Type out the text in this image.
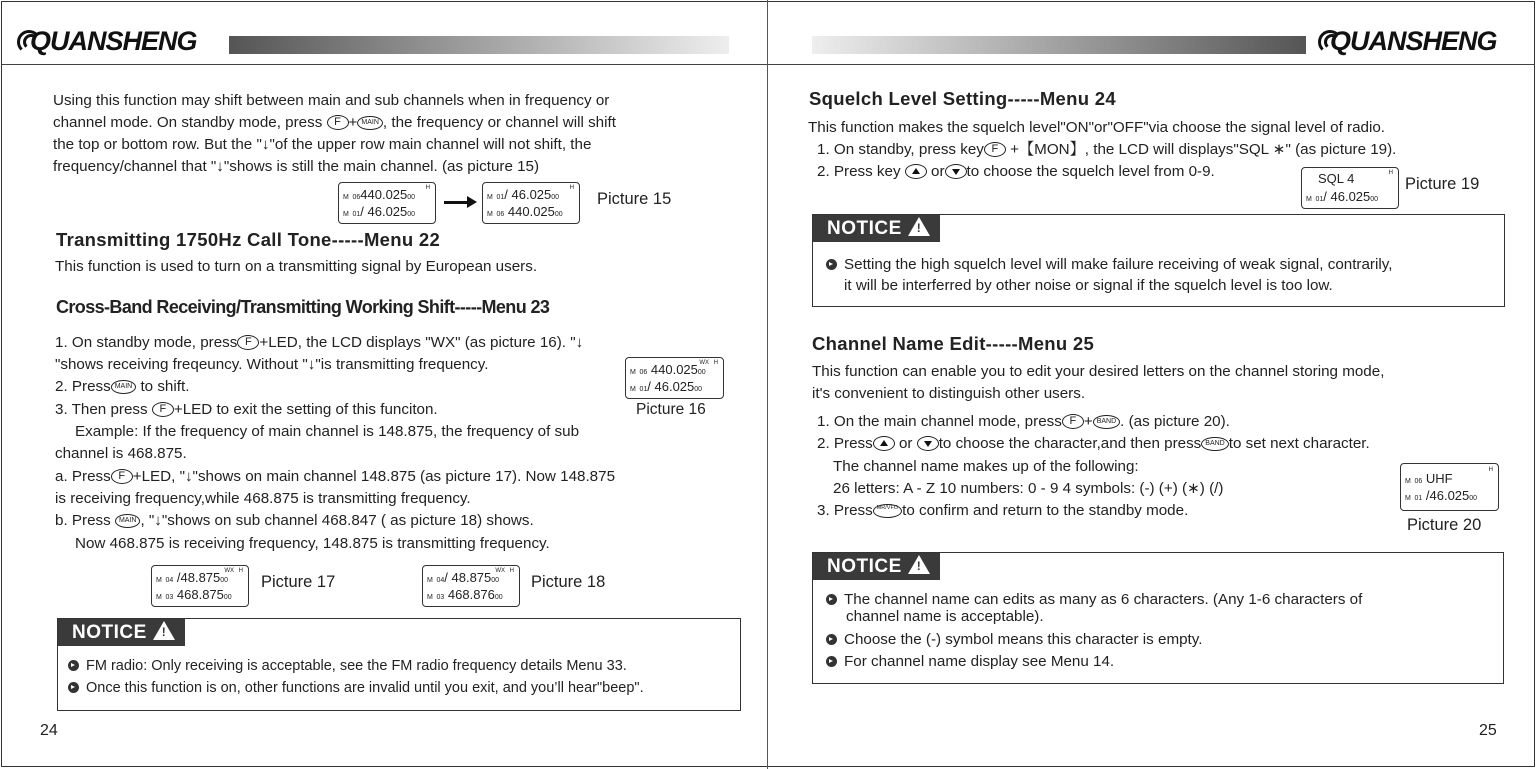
QUANSHENG	QUANSHENG
Using this function may shift between main and sub channels when in frequency or
channel mode. On standby mode, press F + MAIN , the frequency or channel will shift
the top or bottom row. But the "↓"of the upper row main channel will not shift, the
frequency/channel that "↓"shows is still the main channel. (as picture 15)
H
M 06440.02500
M 01/ 46.02500
H
M 01/ 46.02500
M 06 440.02500
Picture 15
Transmitting 1750Hz Call Tone-----Menu 22
This function is used to turn on a transmitting signal by European users.
Cross-Band Receiving/Transmitting Working Shift-----Menu 23
1. On standby mode, press F +LED, the LCD displays "WX" (as picture 16). "↓
"shows receiving freqeuncy. Without "↓"is transmitting frequency.
2. Press MAIN to shift.
3. Then press F +LED to exit the setting of this funciton.
Example: If the frequency of main channel is 148.875, the frequency of sub
channel is 468.875.
a. Press F +LED, "↓"shows on main channel 148.875 (as picture 17). Now 148.875
is receiving frequency,while 468.875 is transmitting frequency.
b. Press MAIN , "↓"shows on sub channel 468.847 ( as picture 18) shows.
Now 468.875 is receiving frequency, 148.875 is transmitting frequency.
WX H
M 06 440.02500
M 01/ 46.02500
Picture 16
WX H
M 04 /48.87500
M 03 468.87500
Picture 17
WX H
M 04/ 48.87500
M 03 468.87600
Picture 18
NOTICE!
FM radio: Only receiving is acceptable, see the FM radio frequency details Menu 33.
Once this function is on, other functions are invalid until you exit, and you’ll hear"beep".
24
Squelch Level Setting-----Menu 24
This function makes the squelch level"ON"or"OFF"via choose the signal level of radio.
1. On standby, press key F +【MON】, the LCD will displays"SQL ∗" (as picture 19).
2. Press key or to choose the squelch level from 0-9.	H
SQL 4
M 01/ 46.02500
Picture 19
NOTICE!
Setting the high squelch level will make failure receiving of weak signal, contrarily,
it will be interferred by other noise or signal if the squelch level is too low.
Channel Name Edit-----Menu 25
This function can enable you to edit your desired letters on the channel storing mode,
it's convenient to distinguish other users.
1. On the main channel mode, press F + BAND . (as picture 20).
2. Press or to choose the character,and then press BAND to set next character.
The channel name makes up of the following:
26 letters: A - Z 10 numbers: 0 - 9 4 symbols: (-) (+) (∗) (/)
3. Press MR/VFO to confirm and return to the standby mode.
H
M 06 UHF
M 01 /46.02500
Picture 20
NOTICE!
The channel name can edits as many as 6 characters. (Any 1-6 characters of
channel name is acceptable).
Choose the (-) symbol means this character is empty.
For channel name display see Menu 14.
25
